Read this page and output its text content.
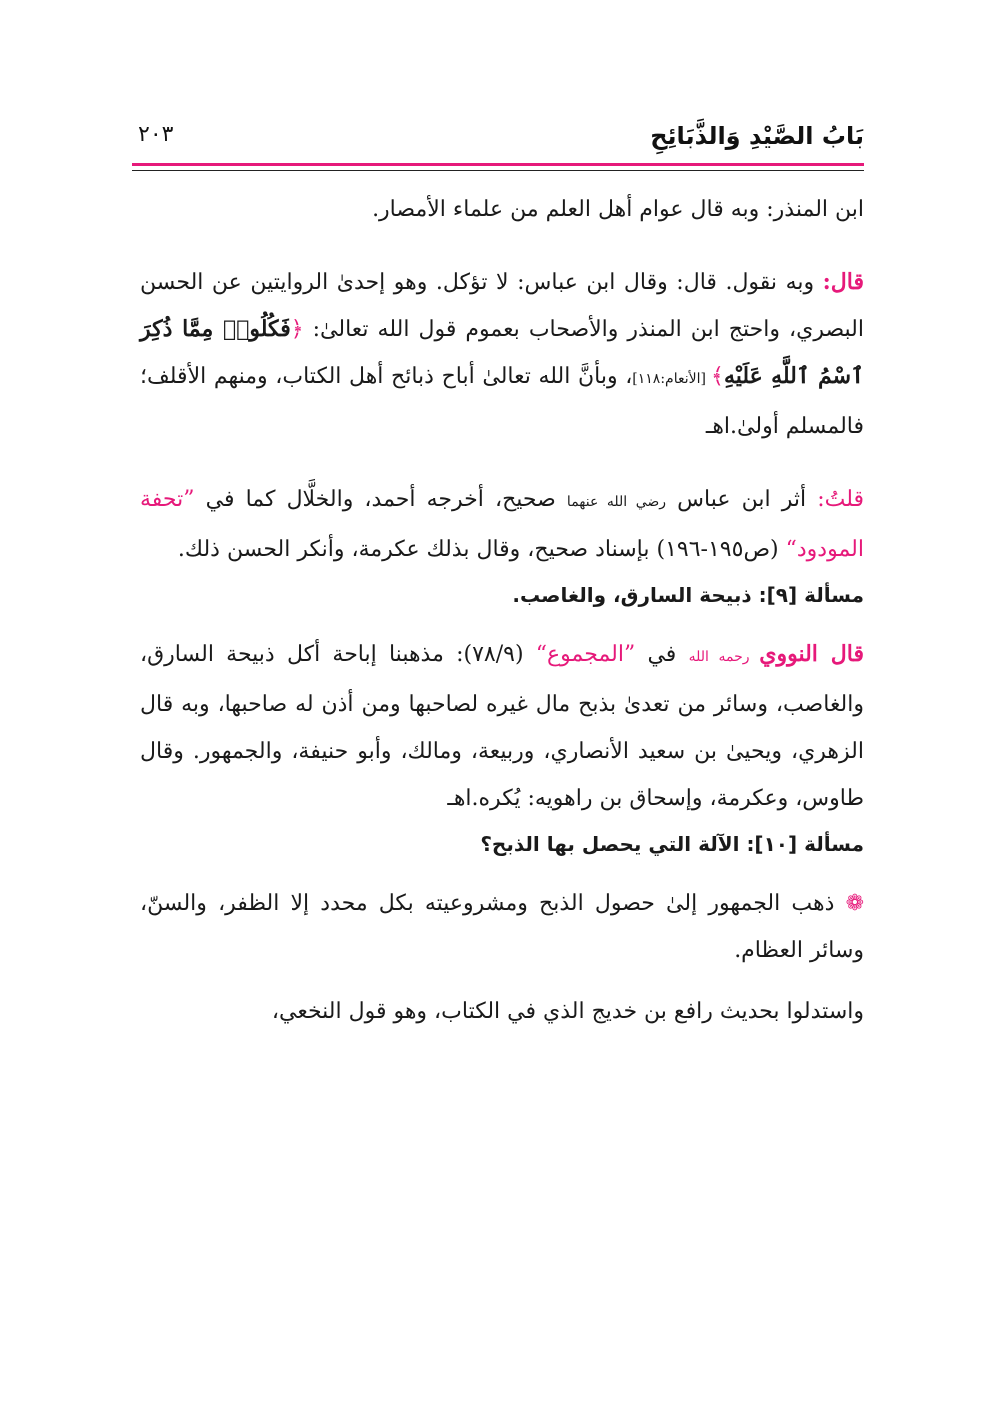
بَابُ الصَّيْدِ وَالذَّبَائِحِ
٢٠٣

ابن المنذر: وبه قال عوام أهل العلم من علماء الأمصار.

قال: وبه نقول. قال: وقال ابن عباس: لا تؤكل. وهو إحدىٰ الروايتين عن الحسن البصري، واحتج ابن المنذر والأصحاب بعموم قول الله تعالىٰ: ﴿فَكُلُوا۟ مِمَّا ذُكِرَ ٱسْمُ ٱللَّهِ عَلَيْهِ﴾ [الأنعام:١١٨]، وبأنَّ الله تعالىٰ أباح ذبائح أهل الكتاب، ومنهم الأقلف؛ فالمسلم أولىٰ.اهـ

قلتُ: أثر ابن عباس رضي الله عنهما صحيح، أخرجه أحمد، والخلَّال كما في ”تحفة المودود“ (ص١٩٥-١٩٦) بإسناد صحيح، وقال بذلك عكرمة، وأنكر الحسن ذلك.

مسألة [٩]: ذبيحة السارق، والغاصب.

قال النووي رحمه الله في ”المجموع“ (٧٨/٩): مذهبنا إباحة أكل ذبيحة السارق، والغاصب، وسائر من تعدىٰ بذبح مال غيره لصاحبها ومن أذن له صاحبها، وبه قال الزهري، ويحيىٰ بن سعيد الأنصاري، وربيعة، ومالك، وأبو حنيفة، والجمهور. وقال طاوس، وعكرمة، وإسحاق بن راهويه: يُكره.اهـ

مسألة [١٠]: الآلة التي يحصل بها الذبح؟

❁ ذهب الجمهور إلىٰ حصول الذبح ومشروعيته بكل محدد إلا الظفر، والسنّ، وسائر العظام.

واستدلوا بحديث رافع بن خديج الذي في الكتاب، وهو قول النخعي،
